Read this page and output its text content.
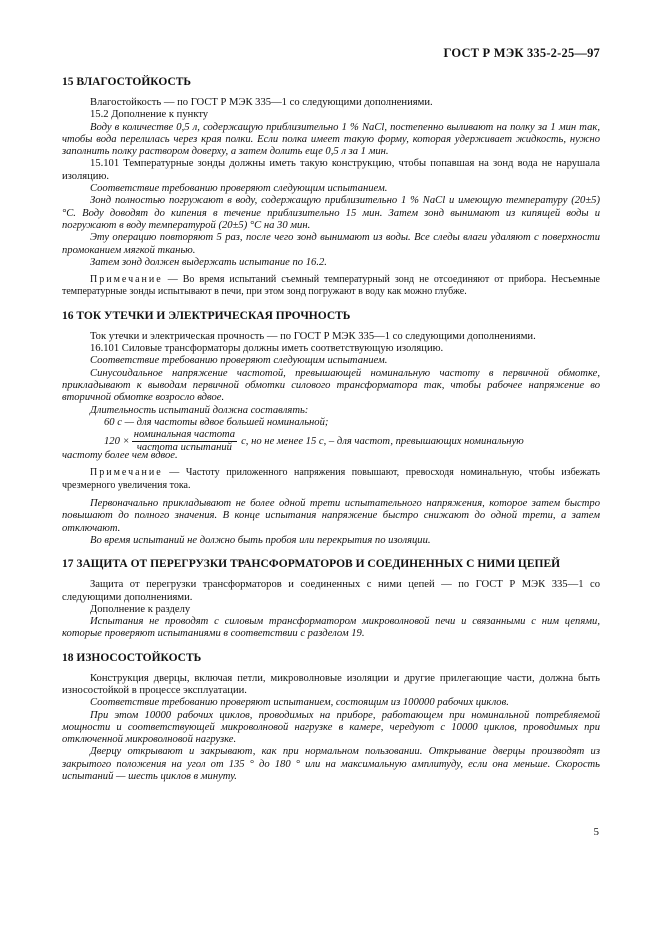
ГОСТ Р МЭК 335-2-25—97

15 ВЛАГОСТОЙКОСТЬ

Влагостойкость — по ГОСТ Р МЭК 335—1 со следующими дополнениями.

15.2 Дополнение к пункту

Воду в количестве 0,5 л, содержащую приблизительно 1 % NaCl, постепенно выливают на полку за 1 мин так, чтобы вода перелилась через края полки. Если полка имеет такую форму, которая удерживает жидкость, нужно заполнить полку раствором доверху, а затем долить еще 0,5 л за 1 мин.

15.101 Температурные зонды должны иметь такую конструкцию, чтобы попавшая на зонд вода не нарушала изоляцию.

Соответствие требованию проверяют следующим испытанием.

Зонд полностью погружают в воду, содержащую приблизительно 1 % NaCl и имеющую температуру (20±5) °С. Воду доводят до кипения в течение приблизительно 15 мин. Затем зонд вынимают из кипящей воды и погружают в воду температурой (20±5) °С на 30 мин.

Эту операцию повторяют 5 раз, после чего зонд вынимают из воды. Все следы влаги удаляют с поверхности промоканием мягкой тканью.

Затем зонд должен выдержать испытание по 16.2.

Примечание — Во время испытаний съемный температурный зонд не отсоединяют от прибора. Несъемные температурные зонды испытывают в печи, при этом зонд погружают в воду как можно глубже.

16 ТОК УТЕЧКИ И ЭЛЕКТРИЧЕСКАЯ ПРОЧНОСТЬ

Ток утечки и электрическая прочность — по ГОСТ Р МЭК 335—1 со следующими дополнениями.

16.101 Силовые трансформаторы должны иметь соответствующую изоляцию.

Соответствие требованию проверяют следующим испытанием.

Синусоидальное напряжение частотой, превышающей номинальную частоту в первичной обмотке, прикладывают к выводам первичной обмотки силового трансформатора так, чтобы рабочее напряжение во вторичной обмотке возросло вдвое.

Длительность испытаний должна составлять:

60 с — для частоты вдвое большей номинальной;

$120 \times \frac{\text{номинальная частота}}{\text{частота испытаний}} с$, но не менее 15 с, – для частот, превышающих номинальную

частоту более чем вдвое.

Примечание — Частоту приложенного напряжения повышают, превосходя номинальную, чтобы избежать чрезмерного увеличения тока.

Первоначально прикладывают не более одной трети испытательного напряжения, которое затем быстро повышают до полного значения. В конце испытания напряжение быстро снижают до одной трети, а затем отключают.

Во время испытаний не должно быть пробоя или перекрытия по изоляции.

17 ЗАЩИТА ОТ ПЕРЕГРУЗКИ ТРАНСФОРМАТОРОВ И СОЕДИНЕННЫХ С НИМИ ЦЕПЕЙ

Защита от перегрузки трансформаторов и соединенных с ними цепей — по ГОСТ Р МЭК 335—1 со следующими дополнениями.

Дополнение к разделу

Испытания не проводят с силовым трансформатором микроволновой печи и связанными с ним цепями, которые проверяют испытаниями в соответствии с разделом 19.

18 ИЗНОСОСТОЙКОСТЬ

Конструкция дверцы, включая петли, микроволновые изоляции и другие прилегающие части, должна быть износостойкой в процессе эксплуатации.

Соответствие требованию проверяют испытанием, состоящим из 100000 рабочих циклов.

При этом 10000 рабочих циклов, проводимых на приборе, работающем при номинальной потребляемой мощности и соответствующей микроволновой нагрузке в камере, чередуют с 10000 циклов, проводимых при отключенной микроволновой нагрузке.

Дверцу открывают и закрывают, как при нормальном пользовании. Открывание дверцы производят из закрытого положения на угол от 135 ° до 180 ° или на максимальную амплитуду, если она меньше. Скорость испытаний — шесть циклов в минуту.

5
